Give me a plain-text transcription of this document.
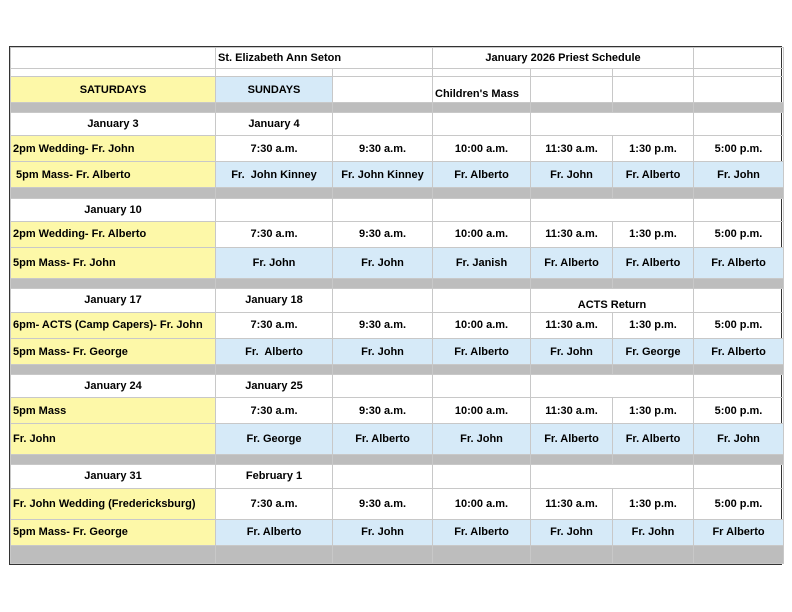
	St. Elizabeth Ann Seton		January 2026 Priest Schedule			

SATURDAYS	SUNDAYS		Children's Mass			

January 3	January 4					
2pm Wedding- Fr. John	7:30 a.m.	9:30 a.m.	10:00 a.m.	11:30 a.m.	1:30 p.m.	5:00 p.m.
5pm Mass- Fr. Alberto	Fr.  John Kinney	Fr. John Kinney	Fr. Alberto	Fr. John	Fr. Alberto	Fr. John

January 10						
2pm Wedding- Fr. Alberto	7:30 a.m.	9:30 a.m.	10:00 a.m.	11:30 a.m.	1:30 p.m.	5:00 p.m.
5pm Mass- Fr. John	Fr. John	Fr. John	Fr. Janish	Fr. Alberto	Fr. Alberto	Fr. Alberto

January 17	January 18			ACTS Return		
6pm- ACTS (Camp Capers)- Fr. John	7:30 a.m.	9:30 a.m.	10:00 a.m.	11:30 a.m.	1:30 p.m.	5:00 p.m.
5pm Mass- Fr. George	Fr.  Alberto	Fr. John	Fr. Alberto	Fr. John	Fr. George	Fr. Alberto

January 24	January 25					
5pm Mass	7:30 a.m.	9:30 a.m.	10:00 a.m.	11:30 a.m.	1:30 p.m.	5:00 p.m.
Fr. John	Fr. George	Fr. Alberto	Fr. John	Fr. Alberto	Fr. Alberto	Fr. John

January 31	February 1					
Fr. John Wedding (Fredericksburg)	7:30 a.m.	9:30 a.m.	10:00 a.m.	11:30 a.m.	1:30 p.m.	5:00 p.m.
5pm Mass- Fr. George	Fr. Alberto	Fr. John	Fr. Alberto	Fr. John	Fr. John	Fr Alberto
